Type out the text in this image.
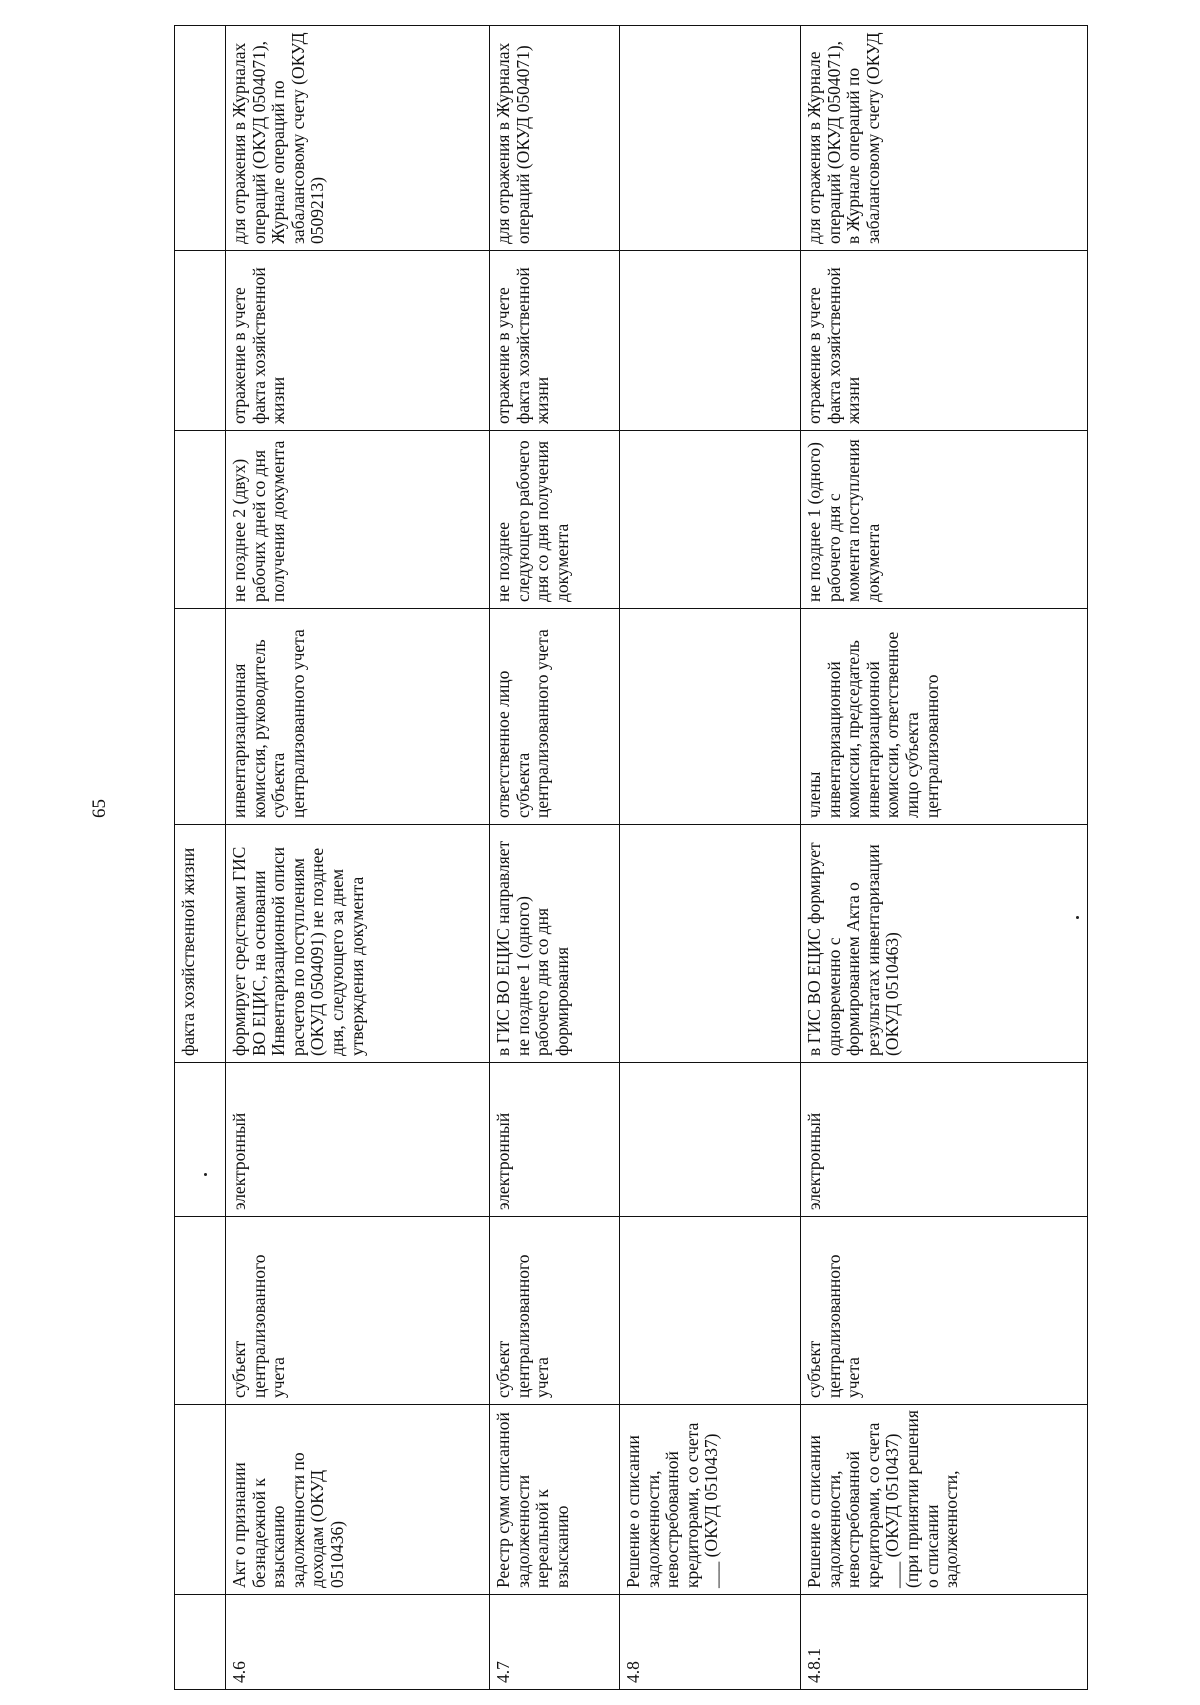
65
				факта хозяйственной жизни				
4.6	Акт о признании безнадежной к взысканию задолженности по доходам (ОКУД 0510436)	субъект централизованного учета	электронный	формирует средствами ГИС ВО ЕЦИС, на основании Инвентаризационной описи расчетов по поступлениям (ОКУД 0504091) не позднее дня, следующего за днем утверждения документа	инвентаризационная комиссия, руководитель субъекта централизованного учета	не позднее 2 (двух) рабочих дней со дня получения документа	отражение в учете факта хозяйственной жизни	для отражения в Журналах операций (ОКУД 0504071), Журнале операций по забалансовому счету (ОКУД 0509213)
4.7	Реестр сумм списанной задолженности нереальной к взысканию	субъект централизованного учета	электронный	в ГИС ВО ЕЦИС направляет не позднее 1 (одного) рабочего дня со дня формирования	ответственное лицо субъекта централизованного учета	не позднее следующего рабочего дня со дня получения документа	отражение в учете факта хозяйственной жизни	для отражения в Журналах операций (ОКУД 0504071)
4.8	Решение о списании задолженности, невостребованной кредиторами, со счета ___ (ОКУД 0510437)							
4.8.1	Решение о списании задолженности, невостребованной кредиторами, со счета ___ (ОКУД 0510437) (при принятии решения о списании задолженности,	субъект централизованного учета	электронный	в ГИС ВО ЕЦИС формирует одновременно с формированием Акта о результатах инвентаризации (ОКУД 0510463)	члены инвентаризационной комиссии, председатель инвентаризационной комиссии, ответственное лицо субъекта централизованного	не позднее 1 (одного) рабочего дня с момента поступления документа	отражение в учете факта хозяйственной жизни	для отражения в Журнале операций (ОКУД 0504071), в Журнале операций по забалансовому счету (ОКУД
